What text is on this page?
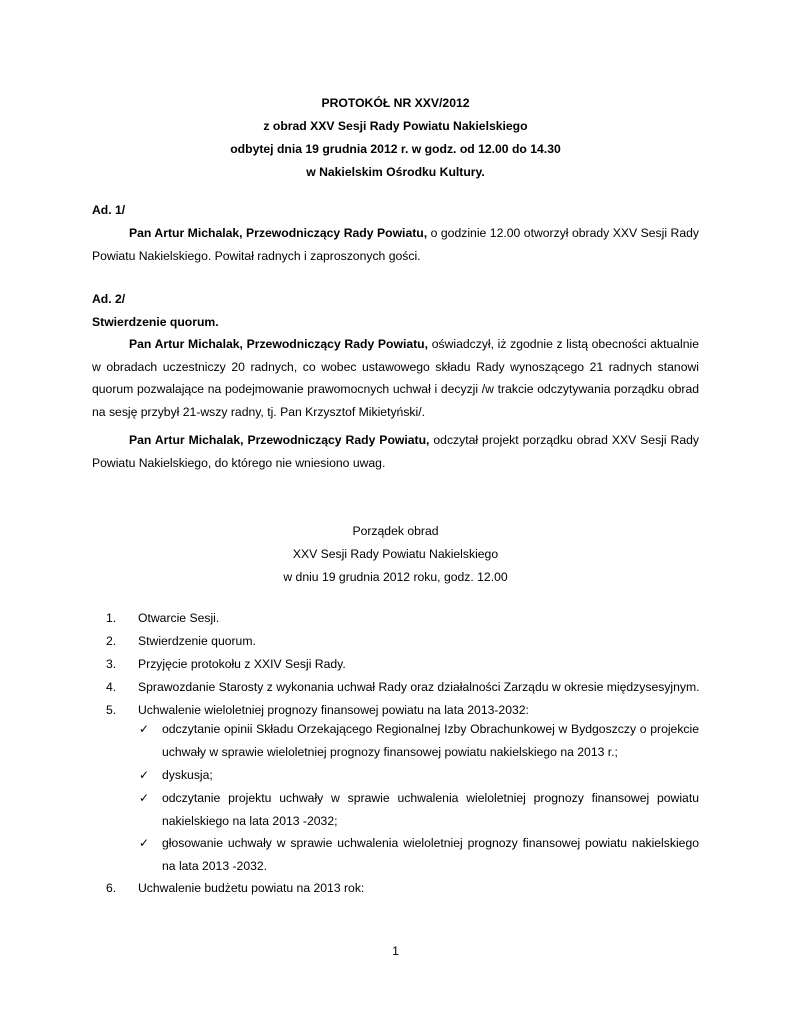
PROTOKÓŁ NR XXV/2012
z obrad XXV Sesji Rady Powiatu Nakielskiego
odbytej dnia 19 grudnia 2012 r. w godz. od 12.00 do 14.30
w Nakielskim Ośrodku Kultury.
Ad. 1/
Pan Artur Michalak, Przewodniczący Rady Powiatu, o godzinie 12.00 otworzył obrady XXV Sesji Rady Powiatu Nakielskiego. Powitał radnych i zaproszonych gości.
Ad. 2/
Stwierdzenie quorum.
Pan Artur Michalak, Przewodniczący Rady Powiatu, oświadczył, iż zgodnie z listą obecności aktualnie w obradach uczestniczy 20 radnych, co wobec ustawowego składu Rady wynoszącego 21 radnych stanowi quorum pozwalające na podejmowanie prawomocnych uchwał i decyzji /w trakcie odczytywania porządku obrad na sesję przybył 21-wszy radny, tj. Pan Krzysztof Mikietyński/.
Pan Artur Michalak, Przewodniczący Rady Powiatu, odczytał projekt porządku obrad XXV Sesji Rady Powiatu Nakielskiego, do którego nie wniesiono uwag.
Porządek obrad
XXV Sesji Rady Powiatu Nakielskiego
w dniu 19 grudnia 2012 roku, godz. 12.00
1. Otwarcie Sesji.
2. Stwierdzenie quorum.
3. Przyjęcie protokołu z XXIV Sesji Rady.
4. Sprawozdanie Starosty z wykonania uchwał Rady oraz działalności Zarządu w okresie międzysesyjnym.
5. Uchwalenie wieloletniej prognozy finansowej powiatu na lata 2013-2032:
✓ odczytanie opinii Składu Orzekającego Regionalnej Izby Obrachunkowej w Bydgoszczy o projekcie uchwały w sprawie wieloletniej prognozy finansowej powiatu nakielskiego na 2013 r.;
✓ dyskusja;
✓ odczytanie projektu uchwały w sprawie uchwalenia wieloletniej prognozy finansowej powiatu nakielskiego na lata 2013 -2032;
✓ głosowanie uchwały w sprawie uchwalenia wieloletniej prognozy finansowej powiatu nakielskiego na lata 2013 -2032.
6. Uchwalenie budżetu powiatu na 2013 rok:
1
